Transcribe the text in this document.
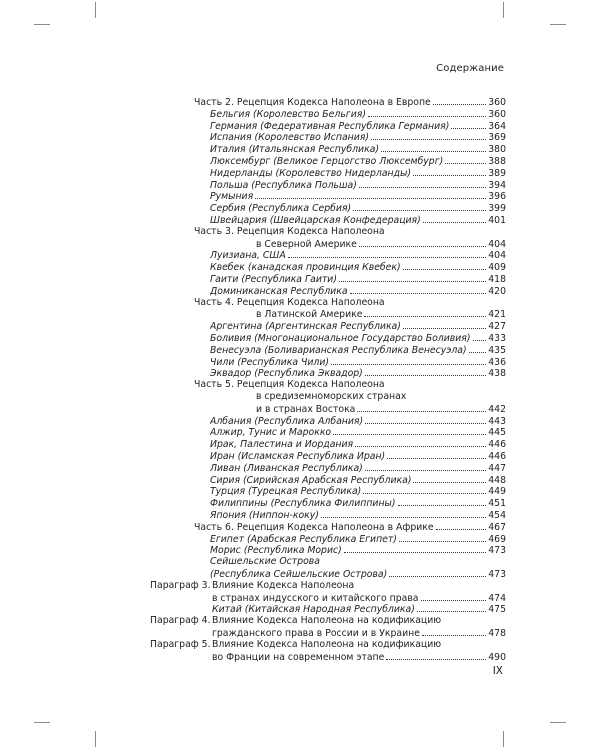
Содержание
Часть 2. Рецепция Кодекса Наполеона в Европе	360
Бельгия (Королевство Бельгия)	360
Германия (Федеративная Республика Германия)	364
Испания (Королевство Испания)	369
Италия (Итальянская Республика)	380
Люксембург (Великое Герцогство Люксембург)	388
Нидерланды (Королевство Нидерланды)	389
Польша (Республика Польша)	394
Румыния	396
Сербия (Республика Сербия)	399
Швейцария (Швейцарская Конфедерация)	401
Часть 3. Рецепция Кодекса Наполеона
в Северной Америке	404
Луизиана, США	404
Квебек (канадская провинция Квебек)	409
Гаити (Республика Гаити)	418
Доминиканская Республика	420
Часть 4. Рецепция Кодекса Наполеона
в Латинской Америке	421
Аргентина (Аргентинская Республика)	427
Боливия (Многонациональное Государство Боливия) 433
Венесуэла (Боливарианская Республика Венесуэла) 435
Чили (Республика Чили)	436
Эквадор (Республика Эквадор)	438
Часть 5. Рецепция Кодекса Наполеона
в средиземноморских странах
и в странах Востока	442
Албания (Республика Албания)	443
Алжир, Тунис и Марокко	445
Ирак, Палестина и Иордания	446
Иран (Исламская Республика Иран)	446
Ливан (Ливанская Республика)	447
Сирия (Сирийская Арабская Республика)	448
Турция (Турецкая Республика)	449
Филиппины (Республика Филиппины)	451
Япония (Ниппон-коку)	454
Часть 6. Рецепция Кодекса Наполеона в Африке	467
Египет (Арабская Республика Египет)	469
Морис (Республика Морис)	473
Сейшельские Острова
(Республика Сейшельские Острова)	473
Параграф 3. Влияние Кодекса Наполеона
в странах индусского и китайского права	474
Китай (Китайская Народная Республика)	475
Параграф 4. Влияние Кодекса Наполеона на кодификацию
гражданского права в России и в Украине	478
Параграф 5. Влияние Кодекса Наполеона на кодификацию
во Франции на современном этапе	490
IX
